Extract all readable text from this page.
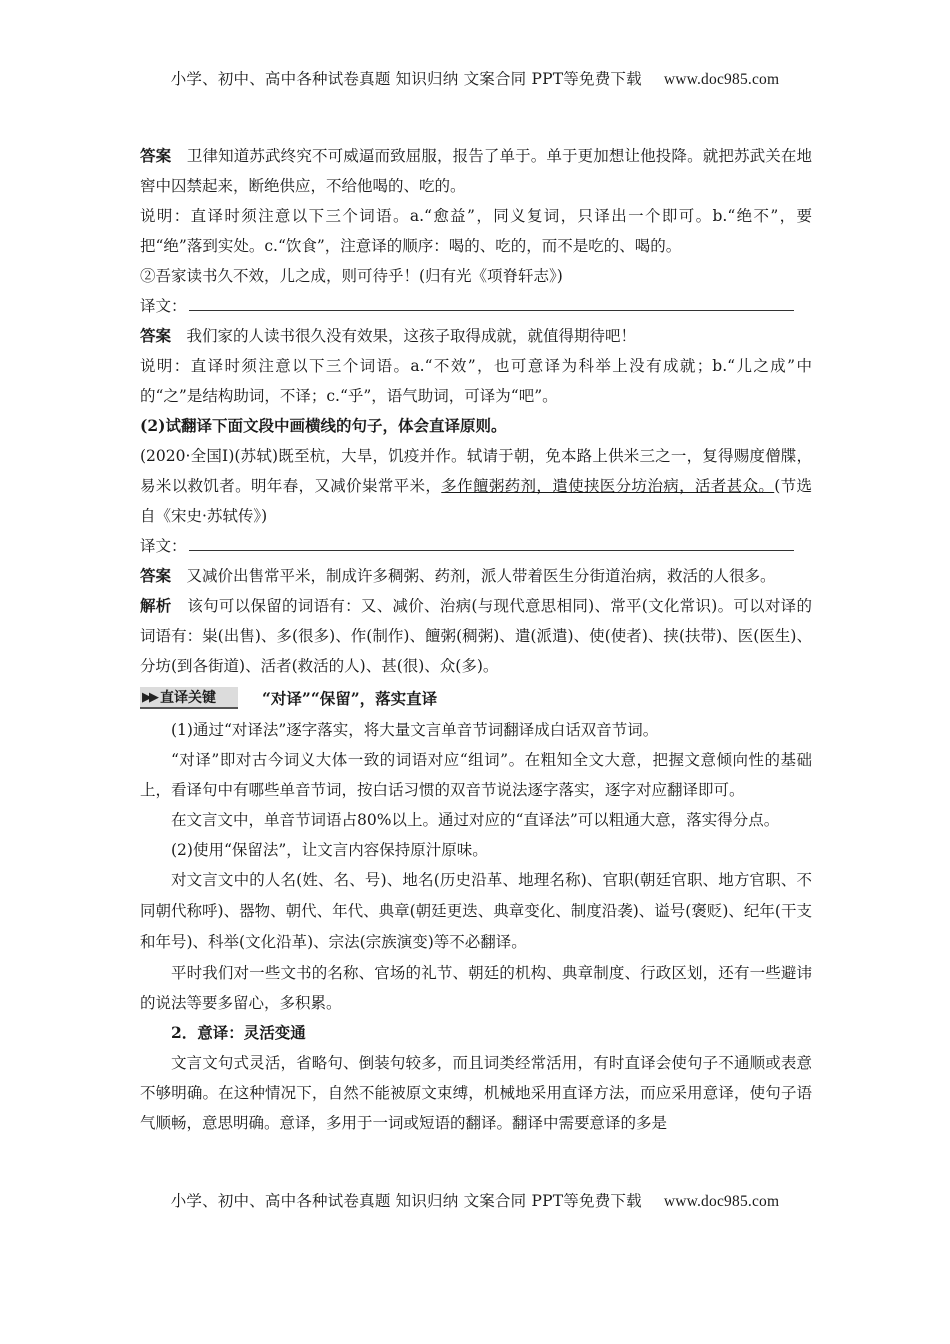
小学、初中、高中各种试卷真题 知识归纳 文案合同 PPT等免费下载 www.doc985.com

答案　 卫律知道苏武终究不可威逼而致屈服，报告了单于。单于更加想让他投降。就把苏武关在地窖中囚禁起来，断绝供应，不给他喝的、吃的。

说明：直译时须注意以下三个词语。a.“愈益”，同义复词，只译出一个即可。b.“绝不”，要把“绝”落到实处。c.“饮食”，注意译的顺序：喝的、吃的，而不是吃的、喝的。

②吾家读书久不效，儿之成，则可待乎！(归有光《项脊轩志》)

译文：

答案　 我们家的人读书很久没有效果，这孩子取得成就，就值得期待吧！

说明：直译时须注意以下三个词语。a.“不效”，也可意译为科举上没有成就；b.“儿之成”中的“之”是结构助词，不译；c.“乎”，语气助词，可译为“吧”。

(2)试翻译下面文段中画横线的句子，体会直译原则。

(2020·全国Ⅰ)(苏轼)既至杭，大旱，饥疫并作。轼请于朝，免本路上供米三之一，复得赐度僧牒，易米以救饥者。明年春，又减价粜常平米，多作饘粥药剂，遣使挟医分坊治病，活者甚众。(节选自《宋史·苏轼传》)

译文：

答案　 又减价出售常平米，制成许多稠粥、药剂，派人带着医生分街道治病，救活的人很多。

解析　 该句可以保留的词语有：又、减价、治病(与现代意思相同)、常平(文化常识)。可以对译的词语有：粜(出售)、多(很多)、作(制作)、饘粥(稠粥)、遣(派遣)、使(使者)、挟(扶带)、医(医生)、分坊(到各街道)、活者(救活的人)、甚(很)、众(多)。

▶▶ 直译关键	“对译”“保留”，落实直译

(1)通过“对译法”逐字落实，将大量文言单音节词翻译成白话双音节词。

“对译”即对古今词义大体一致的词语对应“组词”。在粗知全文大意，把握文意倾向性的基础上，看译句中有哪些单音节词，按白话习惯的双音节说法逐字落实，逐字对应翻译即可。

在文言文中，单音节词语占80%以上。通过对应的“直译法”可以粗通大意，落实得分点。

(2)使用“保留法”，让文言内容保持原汁原味。

对文言文中的人名(姓、名、号)、地名(历史沿革、地理名称)、官职(朝廷官职、地方官职、不同朝代称呼)、器物、朝代、年代、典章(朝廷更迭、典章变化、制度沿袭)、谥号(褒贬)、纪年(干支和年号)、科举(文化沿革)、宗法(宗族演变)等不必翻译。

平时我们对一些文书的名称、官场的礼节、朝廷的机构、典章制度、行政区划，还有一些避讳的说法等要多留心，多积累。

2．意译：灵活变通

文言文句式灵活，省略句、倒装句较多，而且词类经常活用，有时直译会使句子不通顺或表意不够明确。在这种情况下，自然不能被原文束缚，机械地采用直译方法，而应采用意译，使句子语气顺畅，意思明确。意译，多用于一词或短语的翻译。翻译中需要意译的多是

小学、初中、高中各种试卷真题 知识归纳 文案合同 PPT等免费下载 www.doc985.com
